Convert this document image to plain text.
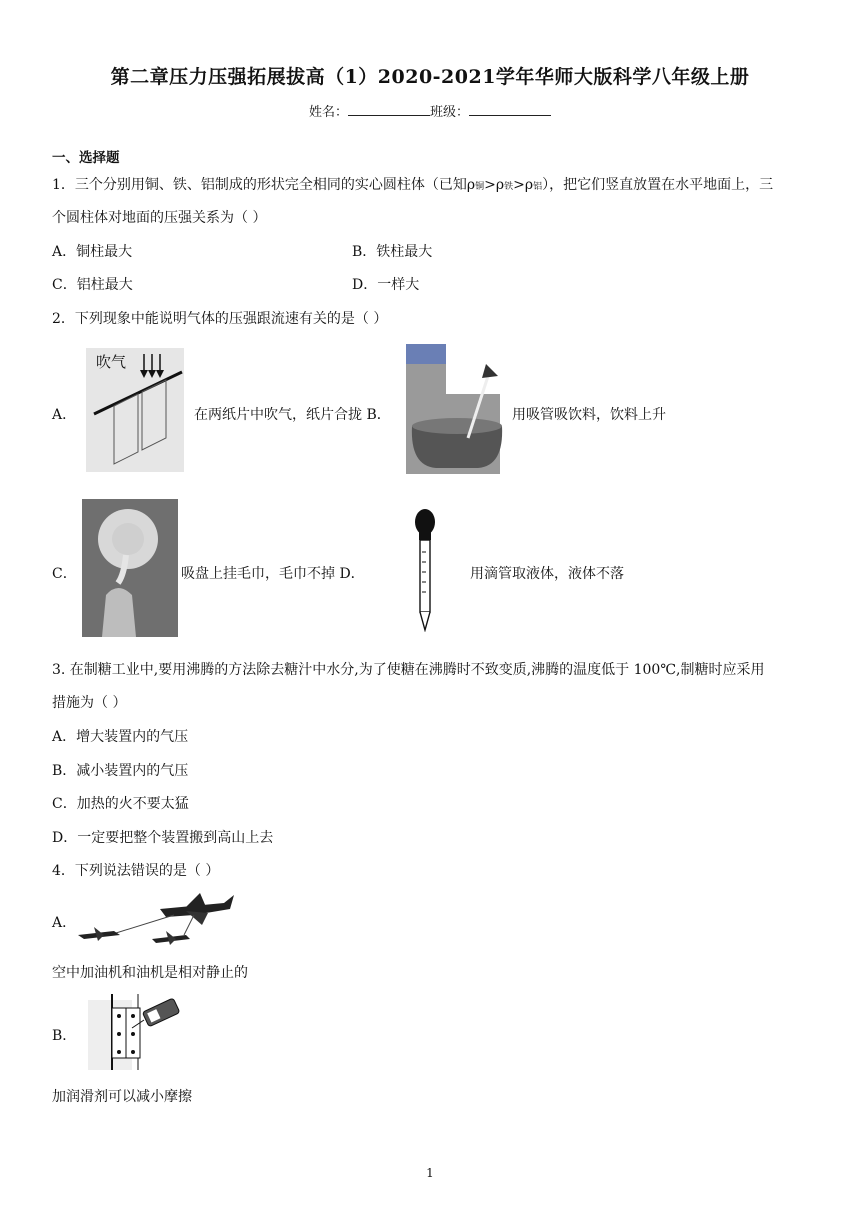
第二章压力压强拓展拔高（1）2020-2021学年华师大版科学八年级上册
姓名：	班级：
一、选择题
1．三个分别用铜、铁、铝制成的形状完全相同的实心圆柱体（已知ρ铜>ρ铁>ρ铝），把它们竖直放置在水平地面上，三
个圆柱体对地面的压强关系为（ ）
A．铜柱最大	B．铁柱最大
C．铝柱最大	D．一样大
2．下列现象中能说明气体的压强跟流速有关的是（ ）
A．
吹气
在两纸片中吹气，纸片合拢 B．	用吸管吸饮料，饮料上升
C．	吸盘上挂毛巾，毛巾不掉 D．	用滴管取液体，液体不落
3. 在制糖工业中,要用沸腾的方法除去糖汁中水分,为了使糖在沸腾时不致变质,沸腾的温度低于 100℃,制糖时应采用
措施为（ ）
A．增大装置内的气压
B．减小装置内的气压
C．加热的火不要太猛
D．一定要把整个装置搬到高山上去
4．下列说法错误的是（ ）
A．
空中加油机和油机是相对静止的
B．
加润滑剂可以减小摩擦
1
